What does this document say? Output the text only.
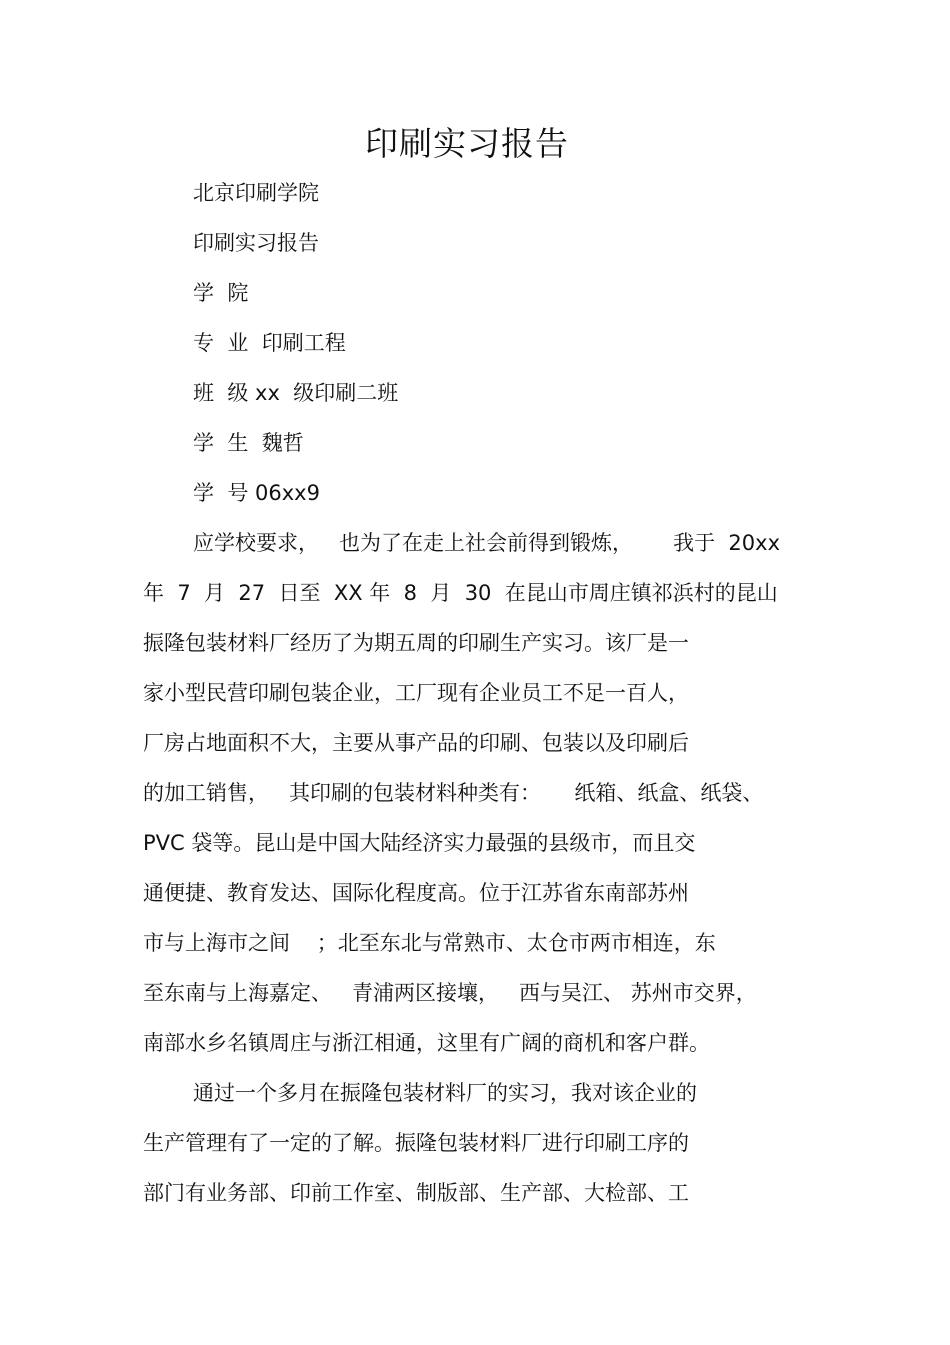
印刷实习报告
北京印刷学院
印刷实习报告
学  院
专  业  印刷工程
班  级 xx  级印刷二班
学  生  魏哲
学  号 06xx9
应学校要求，   也为了在走上社会前得到锻炼，      我于  20xx
年  7  月  27  日至  XX 年  8  月  30  在昆山市周庄镇祁浜村的昆山
振隆包装材料厂经历了为期五周的印刷生产实习。该厂是一
家小型民营印刷包装企业，工厂现有企业员工不足一百人，
厂房占地面积不大，主要从事产品的印刷、包装以及印刷后
的加工销售，   其印刷的包装材料种类有：     纸箱、纸盒、纸袋、
PVC 袋等。昆山是中国大陆经济实力最强的县级市，而且交
通便捷、教育发达、国际化程度高。位于江苏省东南部苏州
市与上海市之间    ；北至东北与常熟市、太仓市两市相连，东
至东南与上海嘉定、   青浦两区接壤，   西与吴江、 苏州市交界，
南部水乡名镇周庄与浙江相通，这里有广阔的商机和客户群。
通过一个多月在振隆包装材料厂的实习，我对该企业的
生产管理有了一定的了解。振隆包装材料厂进行印刷工序的
部门有业务部、印前工作室、制版部、生产部、大检部、工
